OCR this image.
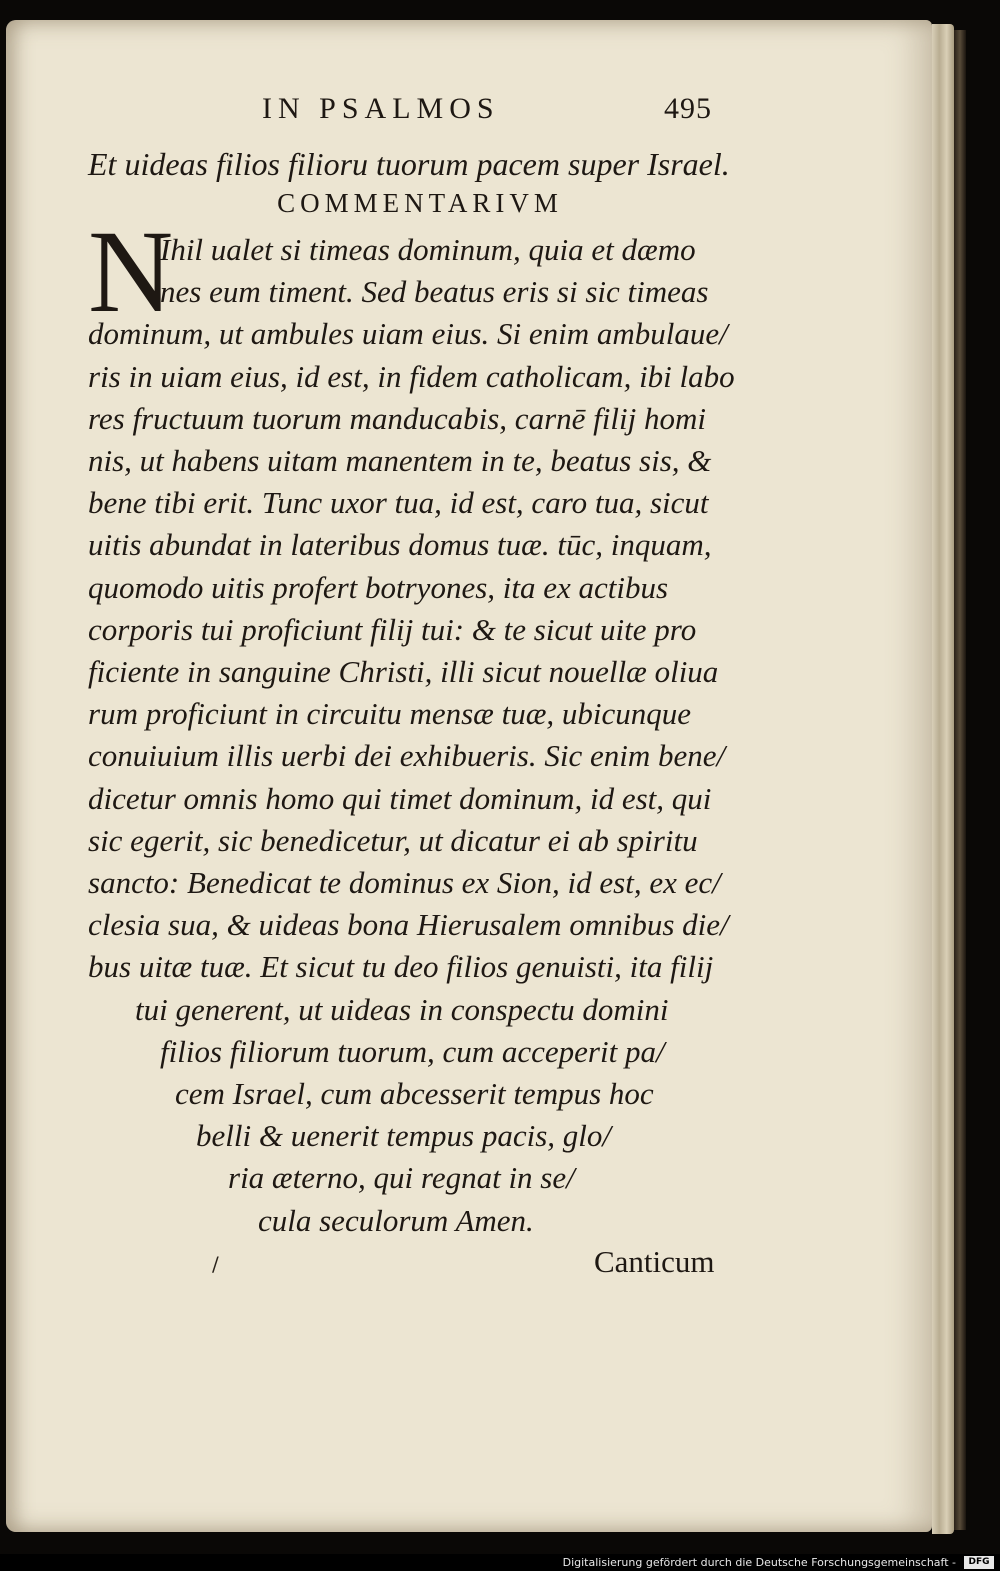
IN PSALMOS	495
Et uideas filios filioru tuorum pacem super Israel.
COMMENTARIVM
N
Ihil ualet si timeas dominum, quia et dæmo
nes eum timent. Sed beatus eris si sic timeas
dominum, ut ambules uiam eius. Si enim ambulaue/
ris in uiam eius, id est, in fidem catholicam, ibi labo
res fructuum tuorum manducabis, carnē filij homi
nis, ut habens uitam manentem in te, beatus sis, &
bene tibi erit. Tunc uxor tua, id est, caro tua, sicut
uitis abundat in lateribus domus tuæ. tūc, inquam,
quomodo uitis profert botryones, ita ex actibus
corporis tui proficiunt filij tui: & te sicut uite pro
ficiente in sanguine Christi, illi sicut nouellæ oliua
rum proficiunt in circuitu mensæ tuæ, ubicunque
conuiuium illis uerbi dei exhibueris. Sic enim bene/
dicetur omnis homo qui timet dominum, id est, qui
sic egerit, sic benedicetur, ut dicatur ei ab spiritu
sancto: Benedicat te dominus ex Sion, id est, ex ec/
clesia sua, & uideas bona Hierusalem omnibus die/
bus uitæ tuæ. Et sicut tu deo filios genuisti, ita filij
tui generent, ut uideas in conspectu domini
filios filiorum tuorum, cum acceperit pa/
cem Israel, cum abcesserit tempus hoc
belli & uenerit tempus pacis, glo/
ria æterno, qui regnat in se/
cula seculorum Amen.
Canticum
/
Digitalisierung gefördert durch die Deutsche Forschungsgemeinschaft -	DFG
